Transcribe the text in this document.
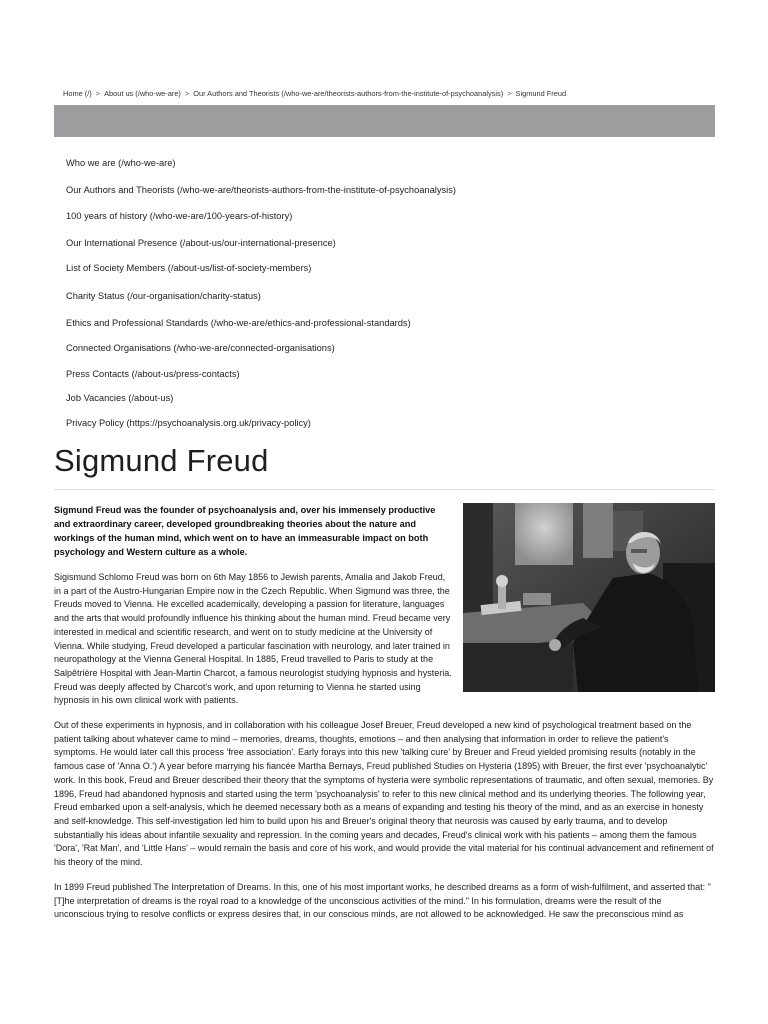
Home (/) > About us (/who-we-are) > Our Authors and Theorists (/who-we-are/theorists-authors-from-the-institute-of-psychoanalysis) > Sigmund Freud
Who we are (/who-we-are)
Our Authors and Theorists (/who-we-are/theorists-authors-from-the-institute-of-psychoanalysis)
100 years of history (/who-we-are/100-years-of-history)
Our International Presence (/about-us/our-international-presence)
List of Society Members (/about-us/list-of-society-members)
Charity Status (/our-organisation/charity-status)
Ethics and Professional Standards (/who-we-are/ethics-and-professional-standards)
Connected Organisations (/who-we-are/connected-organisations)
Press Contacts (/about-us/press-contacts)
Job Vacancies (/about-us)
Privacy Policy (https://psychoanalysis.org.uk/privacy-policy)
Sigmund Freud

Sigmund Freud was the founder of psychoanalysis and, over his immensely productive and extraordinary career, developed groundbreaking theories about the nature and workings of the human mind, which went on to have an immeasurable impact on both psychology and Western culture as a whole.

Sigismund Schlomo Freud was born on 6th May 1856 to Jewish parents, Amalia and Jakob Freud, in a part of the Austro-Hungarian Empire now in the Czech Republic. When Sigmund was three, the Freuds moved to Vienna. He excelled academically, developing a passion for literature, languages and the arts that would profoundly influence his thinking about the human mind. Freud became very interested in medical and scientific research, and went on to study medicine at the University of Vienna. While studying, Freud developed a particular fascination with neurology, and later trained in neuropathology at the Vienna General Hospital. In 1885, Freud travelled to Paris to study at the Salpêtrière Hospital with Jean-Martin Charcot, a famous neurologist studying hypnosis and hysteria. Freud was deeply affected by Charcot's work, and upon returning to Vienna he started using hypnosis in his own clinical work with patients.

Out of these experiments in hypnosis, and in collaboration with his colleague Josef Breuer, Freud developed a new kind of psychological treatment based on the patient talking about whatever came to mind – memories, dreams, thoughts, emotions – and then analysing that information in order to relieve the patient's symptoms. He would later call this process 'free association'. Early forays into this new 'talking cure' by Breuer and Freud yielded promising results (notably in the famous case of 'Anna O.') A year before marrying his fiancée Martha Bernays, Freud published Studies on Hysteria (1895) with Breuer, the first ever 'psychoanalytic' work. In this book, Freud and Breuer described their theory that the symptoms of hysteria were symbolic representations of traumatic, and often sexual, memories. By 1896, Freud had abandoned hypnosis and started using the term 'psychoanalysis' to refer to this new clinical method and its underlying theories. The following year, Freud embarked upon a self-analysis, which he deemed necessary both as a means of expanding and testing his theory of the mind, and as an exercise in honesty and self-knowledge. This self-investigation led him to build upon his and Breuer's original theory that neurosis was caused by early trauma, and to develop substantially his ideas about infantile sexuality and repression. In the coming years and decades, Freud's clinical work with his patients – among them the famous 'Dora', 'Rat Man', and 'Little Hans' – would remain the basis and core of his work, and would provide the vital material for his continual advancement and refinement of his theory of the mind.

In 1899 Freud published The Interpretation of Dreams. In this, one of his most important works, he described dreams as a form of wish-fulfilment, and asserted that: "[T]he interpretation of dreams is the royal road to a knowledge of the unconscious activities of the mind." In his formulation, dreams were the result of the unconscious trying to resolve conflicts or express desires that, in our conscious minds, are not allowed to be acknowledged. He saw the preconscious mind as
